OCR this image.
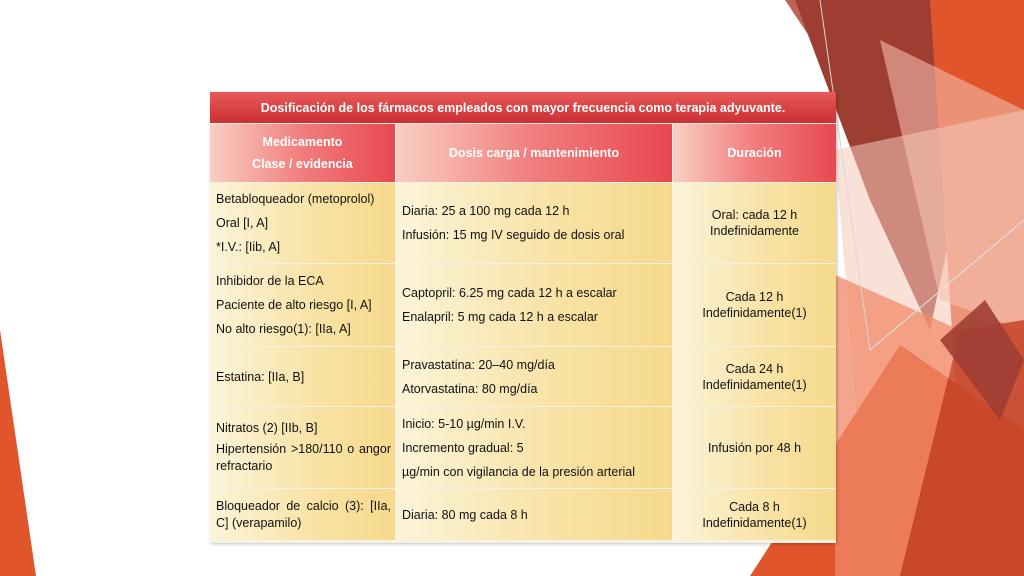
Dosificación de los fármacos empleados con mayor frecuencia como terapia adyuvante.
Medicamento
Clase / evidencia
Dosis carga / mantenimiento	Duración

Betabloqueador (metoprolol)

Oral [I, A]

*I.V.: [Iib, A]

Diaria: 25 a 100 mg cada 12 h

Infusión: 15 mg IV seguido de dosis oral

Oral: cada 12 h
Indefinidamente

Inhibidor de la ECA

Paciente de alto riesgo [I, A]

No alto riesgo(1): [IIa, A]

Captopril: 6.25 mg cada 12 h a escalar

Enalapril: 5 mg cada 12 h a escalar

Cada 12 h
Indefinidamente(1)

Estatina: [IIa, B]

Pravastatina: 20–40 mg/día

Atorvastatina: 80 mg/día

Cada 24 h
Indefinidamente(1)

Nitratos (2) [IIb, B]

Hipertensión >180/110 o angor refractario

Inicio: 5-10 µg/min I.V.

Incremento gradual: 5

µg/min con vigilancia de la presión arterial

Infusión por 48 h

Bloqueador de calcio (3): [IIa, C] (verapamilo)

Diaria: 80 mg cada 8 h

Cada 8 h
Indefinidamente(1)
